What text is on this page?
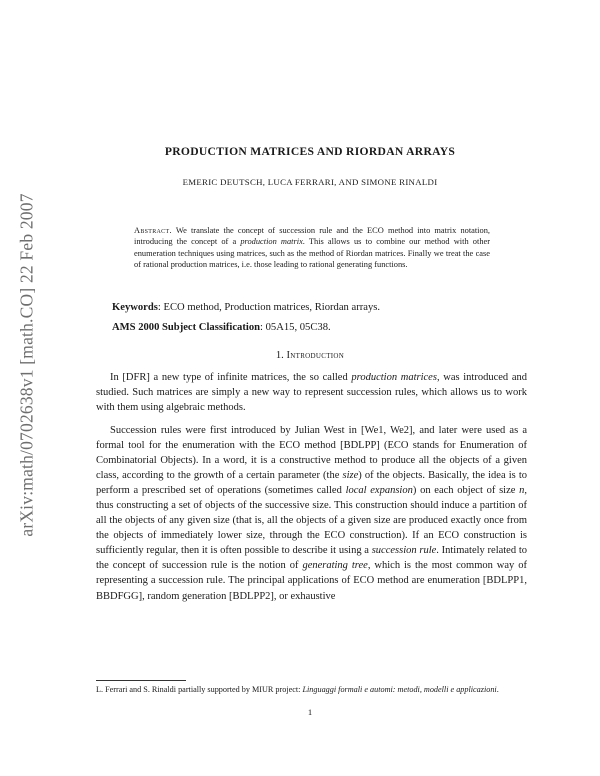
arXiv:math/0702638v1 [math.CO] 22 Feb 2007
PRODUCTION MATRICES AND RIORDAN ARRAYS
EMERIC DEUTSCH, LUCA FERRARI, AND SIMONE RINALDI
Abstract. We translate the concept of succession rule and the ECO method into matrix notation, introducing the concept of a production matrix. This allows us to combine our method with other enumeration techniques using matrices, such as the method of Riordan matrices. Finally we treat the case of rational production matrices, i.e. those leading to rational generating functions.
Keywords: ECO method, Production matrices, Riordan arrays.
AMS 2000 Subject Classification: 05A15, 05C38.
1. Introduction
In [DFR] a new type of infinite matrices, the so called production matrices, was introduced and studied. Such matrices are simply a new way to represent succession rules, which allows us to work with them using algebraic methods.
Succession rules were first introduced by Julian West in [We1, We2], and later were used as a formal tool for the enumeration with the ECO method [BDLPP] (ECO stands for Enumeration of Combinatorial Objects). In a word, it is a constructive method to produce all the objects of a given class, according to the growth of a certain parameter (the size) of the objects. Basically, the idea is to perform a prescribed set of operations (sometimes called local expansion) on each object of size n, thus constructing a set of objects of the successive size. This construction should induce a partition of all the objects of any given size (that is, all the objects of a given size are produced exactly once from the objects of immediately lower size, through the ECO construction). If an ECO construction is sufficiently regular, then it is often possible to describe it using a succession rule. Intimately related to the concept of succession rule is the notion of generating tree, which is the most common way of representing a succession rule. The principal applications of ECO method are enumeration [BDLPP1, BBDFGG], random generation [BDLPP2], or exhaustive
L. Ferrari and S. Rinaldi partially supported by MIUR project: Linguaggi formali e automi: metodi, modelli e applicazioni.
1
